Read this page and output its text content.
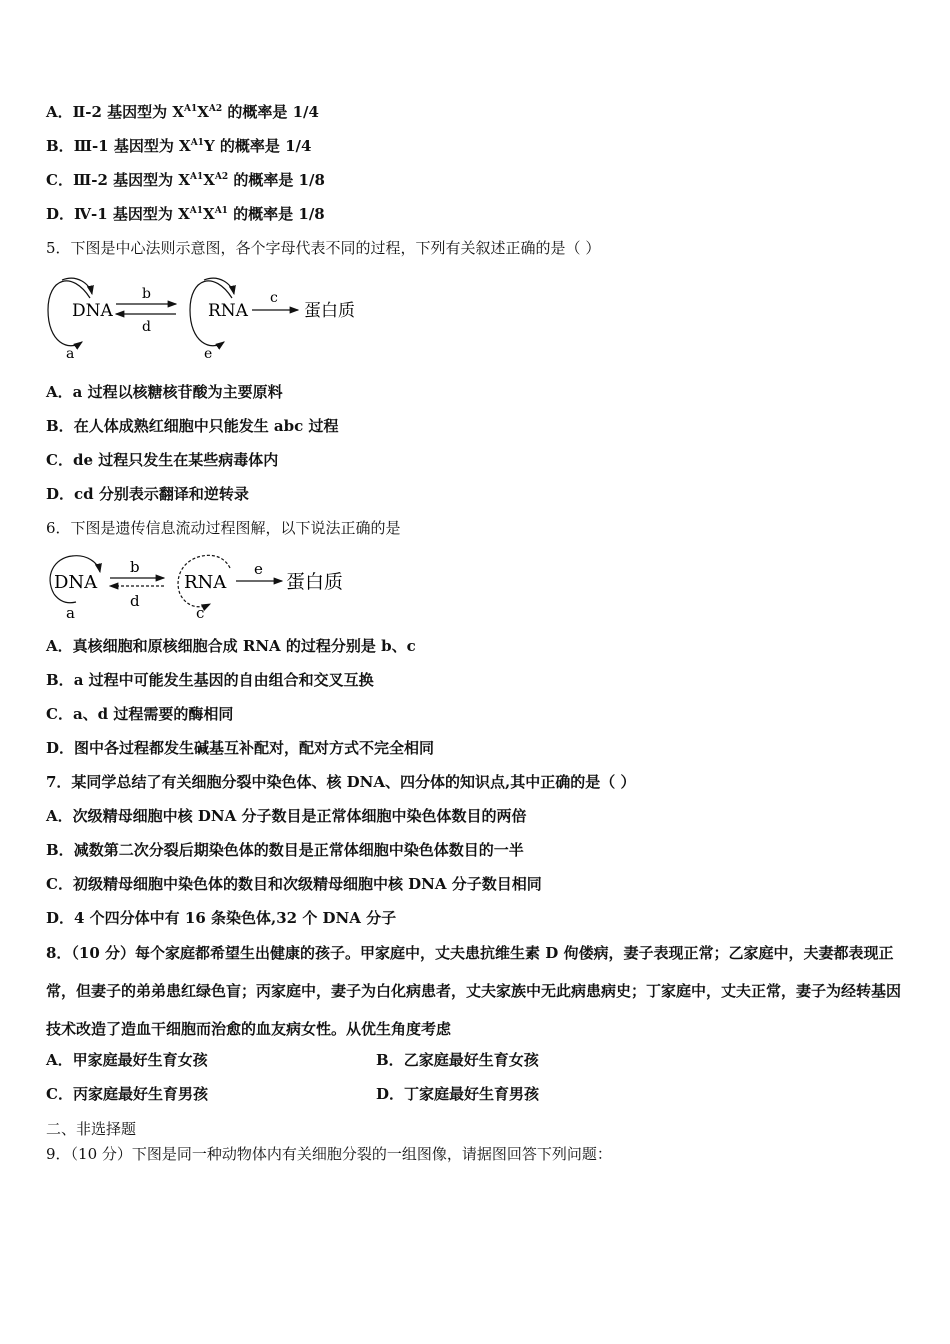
A．Ⅱ-2 基因型为 $X^{A1}X^{A2}$ 的概率是 1/4
B．Ⅲ-1 基因型为 $X^{A1}Y$ 的概率是 1/4
C．Ⅲ-2 基因型为 $X^{A1}X^{A2}$ 的概率是 1/8
D．Ⅳ-1 基因型为 $X^{A1}X^{A1}$ 的概率是 1/8
5．下图是中心法则示意图，各个字母代表不同的过程，下列有关叙述正确的是（ ）
DNA
a
b
d
RNA
e
c
蛋白质
A．a 过程以核糖核苷酸为主要原料
B．在人体成熟红细胞中只能发生 abc 过程
C．de 过程只发生在某些病毒体内
D．cd 分别表示翻译和逆转录
6．下图是遗传信息流动过程图解，以下说法正确的是
DNA
a
b
d
RNA
c
e
蛋白质
A．真核细胞和原核细胞合成 RNA 的过程分别是 b、c
B．a 过程中可能发生基因的自由组合和交叉互换
C．a、d 过程需要的酶相同
D．图中各过程都发生碱基互补配对，配对方式不完全相同
7．某同学总结了有关细胞分裂中染色体、核 DNA、四分体的知识点,其中正确的是（ ）
A．次级精母细胞中核 DNA 分子数目是正常体细胞中染色体数目的两倍
B．减数第二次分裂后期染色体的数目是正常体细胞中染色体数目的一半
C．初级精母细胞中染色体的数目和次级精母细胞中核 DNA 分子数目相同
D．4 个四分体中有 16 条染色体,32 个 DNA 分子
8．（10 分）每个家庭都希望生出健康的孩子。甲家庭中，丈夫患抗维生素 D 佝偻病，妻子表现正常；乙家庭中，夫妻都表现正常，但妻子的弟弟患红绿色盲；丙家庭中，妻子为白化病患者，丈夫家族中无此病患病史；丁家庭中，丈夫正常，妻子为经转基因技术改造了造血干细胞而治愈的血友病女性。从优生角度考虑
A．甲家庭最好生育女孩	B．乙家庭最好生育女孩
C．丙家庭最好生育男孩	D．丁家庭最好生育男孩
二、非选择题
9．（10 分）下图是同一种动物体内有关细胞分裂的一组图像，请据图回答下列问题：
